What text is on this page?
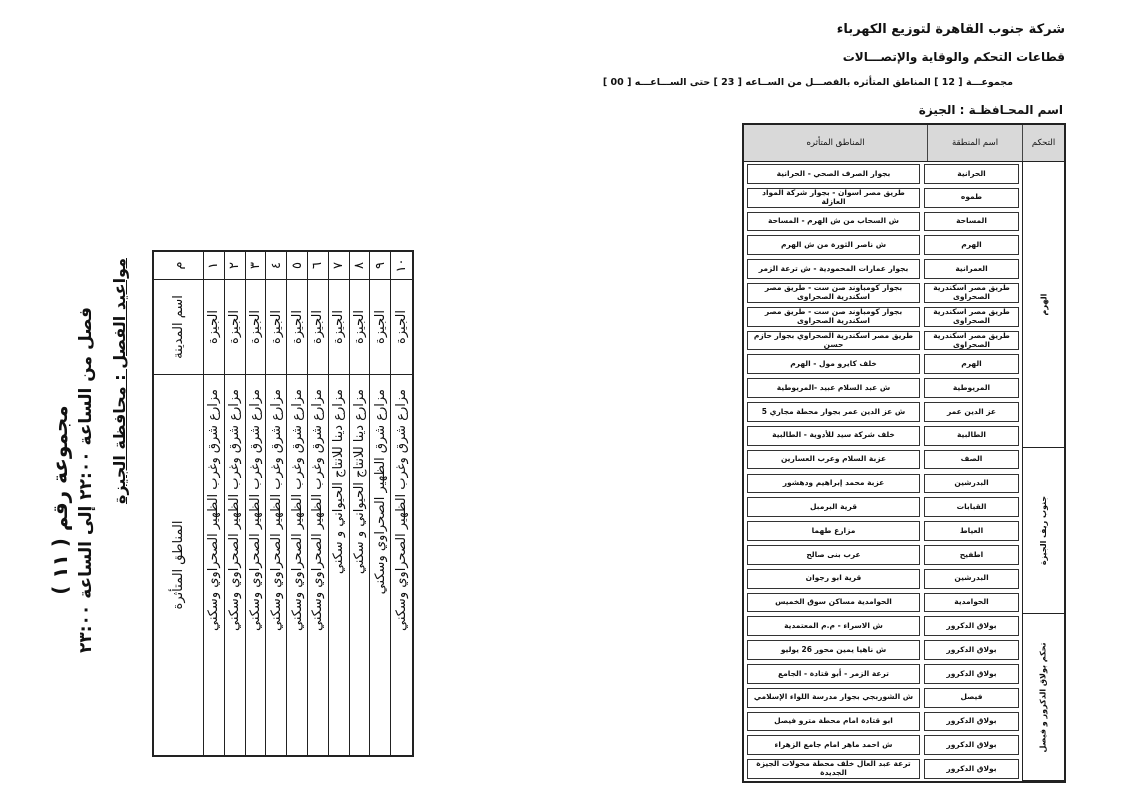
شركة جنوب القاهرة لتوزيع الكهرباء
قطاعات التحكم والوقاية والإتصـــالات
مجموعـــة [ 12 ] المناطق المتأثره بالفصـــل من الســاعه [ 23 ] حتى الســـاعـــه [ 00 ]
اسم المحـافظـة : الجيزة
التحكم
اسم المنطقة
المناطق المتأثره
الهرم
جنوب ريف الجيزة
تحكم بولاق الدكرور و فيصل
الحرانية
بجوار الصرف الصحي - الحرانية
طموه
طريق مصر اسوان - بجوار شركة المواد العازلة
المساحة
ش السحاب من ش الهرم - المساحة
الهرم
ش ناصر الثورة من ش الهرم
العمرانية
بجوار عمارات المحمودية - ش ترعة الزمر
طريق مصر اسكندرية الصحراوى
بجوار كومباوند صن ست - طريق مصر اسكندرية الصحراوى
طريق مصر اسكندرية الصحراوى
بجوار كومباوند صن ست - طريق مصر اسكندرية الصحراوى
طريق مصر اسكندرية الصحراوى
طريق مصر اسكندرية الصحراوي بجوار حازم حسن
الهرم
خلف كايرو مول - الهرم
المريوطية
ش عبد السلام عبيد -المريوطية
عز الدين عمر
ش عز الدين عمر بجوار محطة مجاري 5
الطالبية
خلف شركة سيد للأدوية - الطالبية
الصف
عزبة السلام وعرب العسارين
البدرشين
عزبة محمد إبراهيم ودهشور
القبابات
قرية البرمبل
العياط
مزارع طهما
اطفيح
عرب بنى صالح
البدرشين
قرية ابو رجوان
الحوامدية
الحوامدية مساكن سوق الخميس
بولاق الدكرور
ش الاسراء - م.م المعتمدية
بولاق الدكرور
ش ناهيا يمين محور 26 يوليو
بولاق الدكرور
ترعة الزمر - أبو قتادة - الجامع
فيصل
ش الشوربجي بجوار مدرسة اللواء الإسلامي
بولاق الدكرور
ابو قتادة امام محطة مترو فيصل
بولاق الدكرور
ش احمد ماهر امام جامع الزهراء
بولاق الدكرور
ترعة عبد العال خلف محطة محولات الجيزة الجديدة
مجموعة رقم ( ١١ )
فصل من الساعة ٢٢:٠٠ إلى الساعة ٢٣:٠٠ مواعيد الفصل : محافظة الجيزة	م
اسم المدينة
المناطق المتأثرة
١
الجيزة
مزارع شرق وغرب الظهير الصحراوي وسكني
٢
الجيزة
مزارع شرق وغرب الظهير الصحراوي وسكني
٣
الجيزة
مزارع شرق وغرب الظهير الصحراوي وسكني
٤
الجيزة
مزارع شرق وغرب الظهير الصحراوي وسكني
٥
الجيزة
مزارع شرق وغرب الظهير الصحراوي وسكني
٦
الجيزة
مزارع شرق وغرب الظهير الصحراوي وسكني
٧
الجيزة
مزارع دينا للانتاج الحيواني و سكني
٨
الجيزة
مزارع دينا للانتاج الحيواني و سكني
٩
الجيزة
مزارع شرق الظهير الصحراوي وسكني
١٠
الجيزة
مزارع شرق وغرب الظهير الصحراوي وسكني
